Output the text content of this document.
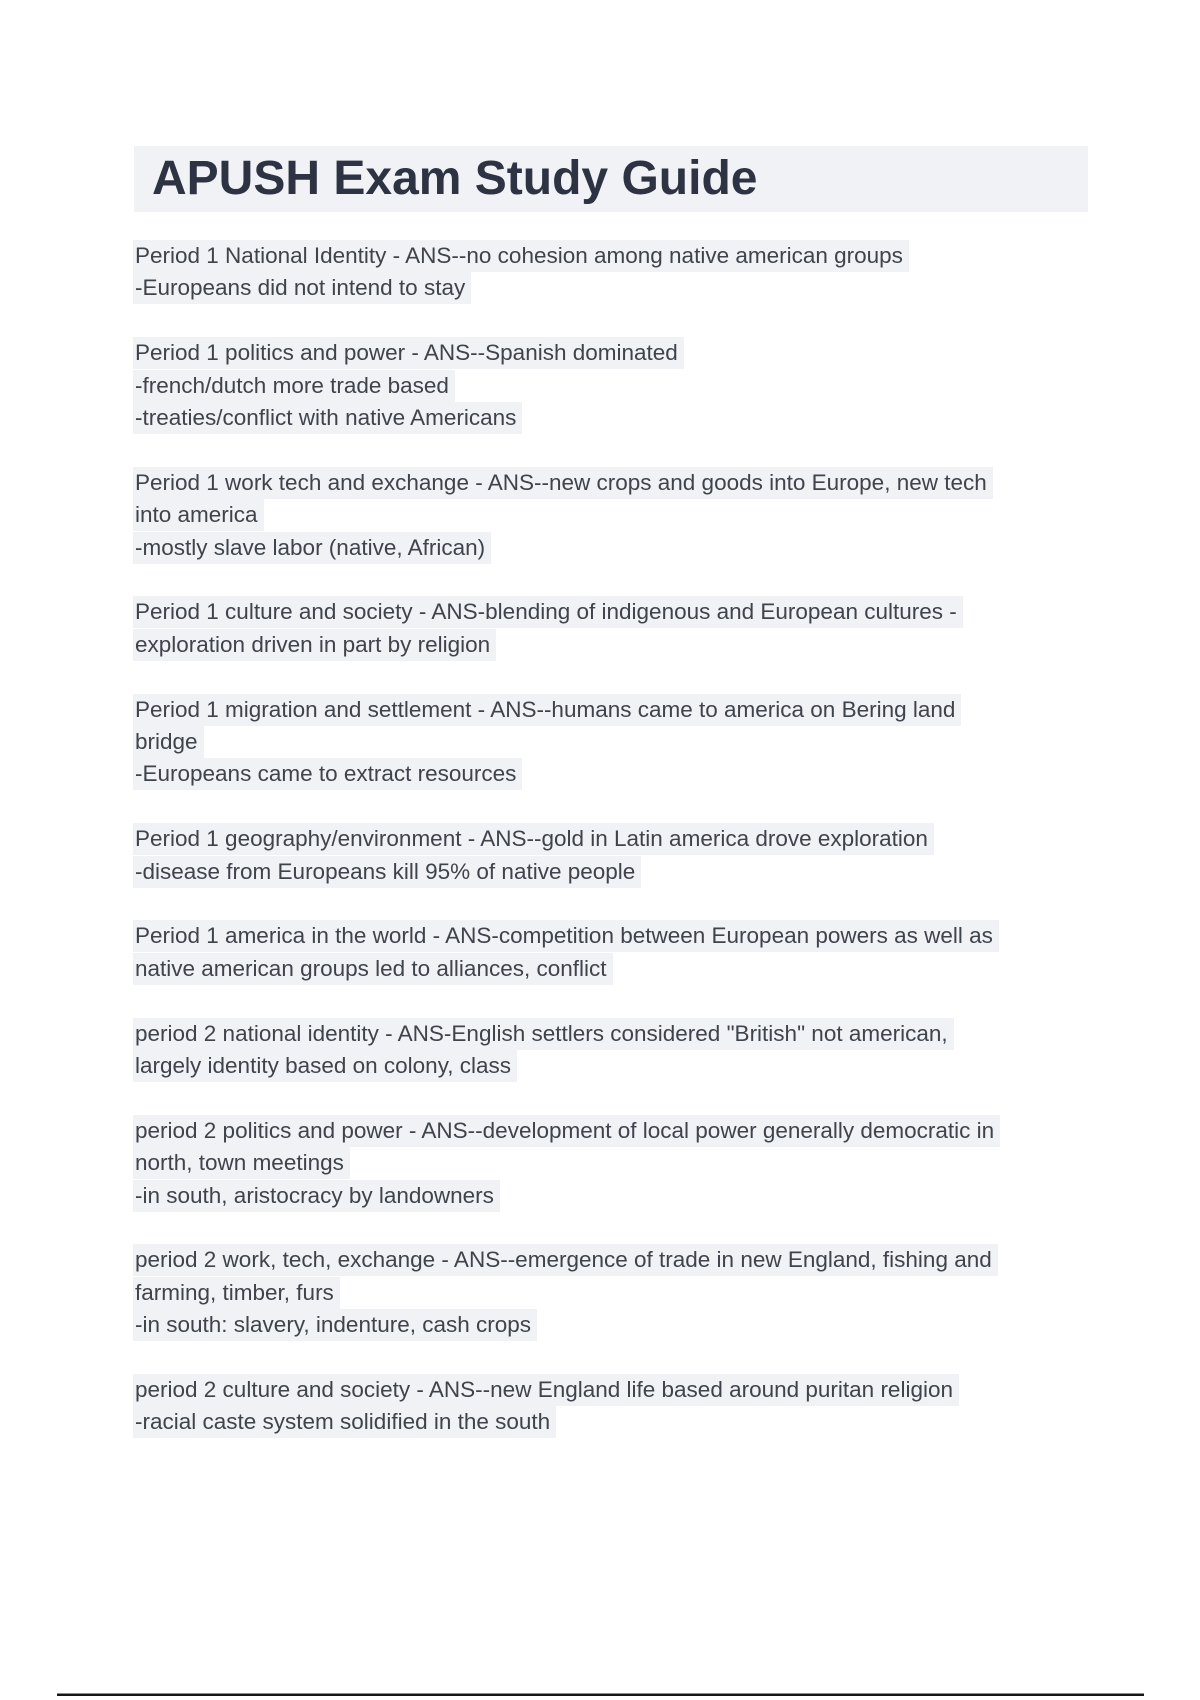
APUSH Exam Study Guide
Period 1 National Identity - ANS--no cohesion among native american groups
-Europeans did not intend to stay
Period 1 politics and power - ANS--Spanish dominated
-french/dutch more trade based
-treaties/conflict with native Americans
Period 1 work tech and exchange - ANS--new crops and goods into Europe, new tech
into america
-mostly slave labor (native, African)
Period 1 culture and society - ANS-blending of indigenous and European cultures -
exploration driven in part by religion
Period 1 migration and settlement - ANS--humans came to america on Bering land
bridge
-Europeans came to extract resources
Period 1 geography/environment - ANS--gold in Latin america drove exploration
-disease from Europeans kill 95% of native people
Period 1 america in the world - ANS-competition between European powers as well as
native american groups led to alliances, conflict
period 2 national identity - ANS-English settlers considered "British" not american,
largely identity based on colony, class
period 2 politics and power - ANS--development of local power generally democratic in
north, town meetings
-in south, aristocracy by landowners
period 2 work, tech, exchange - ANS--emergence of trade in new England, fishing and
farming, timber, furs
-in south: slavery, indenture, cash crops
period 2 culture and society - ANS--new England life based around puritan religion
-racial caste system solidified in the south
